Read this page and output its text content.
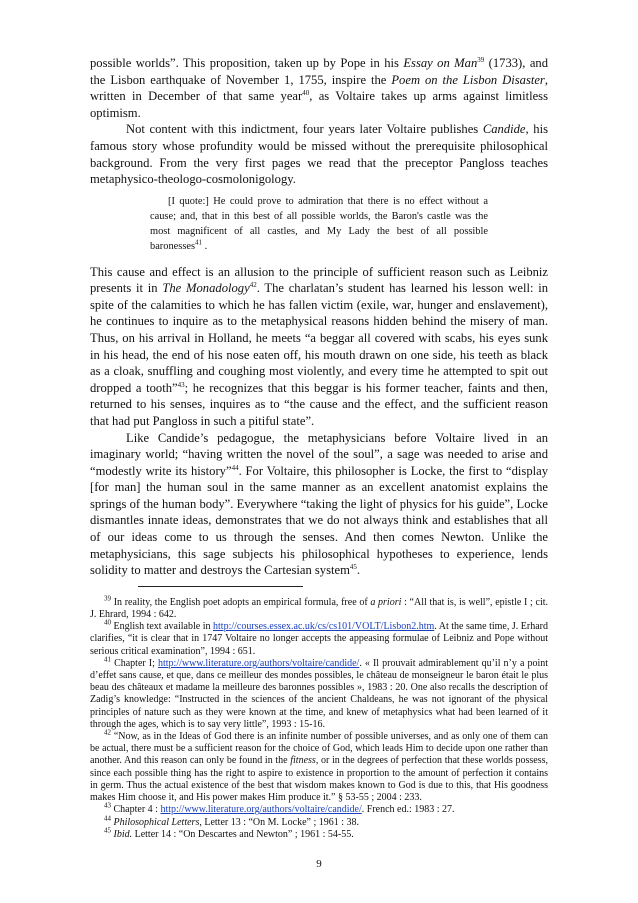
possible worlds”. This proposition, taken up by Pope in his Essay on Man$^{39}$ (1733), and the Lisbon earthquake of November 1, 1755, inspire the Poem on the Lisbon Disaster, written in December of that same year$^{40}$, as Voltaire takes up arms against limitless optimism.

Not content with this indictment, four years later Voltaire publishes Candide, his famous story whose profundity would be missed without the prerequisite philosophical background. From the very first pages we read that the preceptor Pangloss teaches metaphysico-theologo-cosmolonigology.

[I quote:] He could prove to admiration that there is no effect without a cause; and, that in this best of all possible worlds, the Baron's castle was the most magnificent of all castles, and My Lady the best of all possible baronesses$^{41}$ .

This cause and effect is an allusion to the principle of sufficient reason such as Leibniz presents it in The Monadology$^{42}$. The charlatan’s student has learned his lesson well: in spite of the calamities to which he has fallen victim (exile, war, hunger and enslavement), he continues to inquire as to the metaphysical reasons hidden behind the misery of man. Thus, on his arrival in Holland, he meets “a beggar all covered with scabs, his eyes sunk in his head, the end of his nose eaten off, his mouth drawn on one side, his teeth as black as a cloak, snuffling and coughing most violently, and every time he attempted to spit out dropped a tooth”$^{43}$; he recognizes that this beggar is his former teacher, faints and then, returned to his senses, inquires as to “the cause and the effect, and the sufficient reason that had put Pangloss in such a pitiful state”.

Like Candide’s pedagogue, the metaphysicians before Voltaire lived in an imaginary world; “having written the novel of the soul”, a sage was needed to arise and “modestly write its history”$^{44}$. For Voltaire, this philosopher is Locke, the first to “display [for man] the human soul in the same manner as an excellent anatomist explains the springs of the human body”. Everywhere “taking the light of physics for his guide”, Locke dismantles innate ideas, demonstrates that we do not always think and establishes that all of our ideas come to us through the senses. And then comes Newton. Unlike the metaphysicians, this sage subjects his philosophical hypotheses to experience, lends solidity to matter and destroys the Cartesian system$^{45}$.

$^{39}$ In reality, the English poet adopts an empirical formula, free of a priori : “All that is, is well”, epistle I ; cit. J. Ehrard, 1994 : 642.

$^{40}$ English text available in http://courses.essex.ac.uk/cs/cs101/VOLT/Lisbon2.htm. At the same time, J. Erhard clarifies, “it is clear that in 1747 Voltaire no longer accepts the appeasing formulae of Leibniz and Pope without serious critical examination”, 1994 : 651.

$^{41}$ Chapter I; http://www.literature.org/authors/voltaire/candide/. « Il prouvait admirablement qu’il n’y a point d’effet sans cause, et que, dans ce meilleur des mondes possibles, le château de monseigneur le baron était le plus beau des châteaux et madame la meilleure des baronnes possibles », 1983 : 20. One also recalls the description of Zadig’s knowledge: “Instructed in the sciences of the ancient Chaldeans, he was not ignorant of the physical principles of nature such as they were known at the time, and knew of metaphysics what had been learned of it through the ages, which is to say very little”, 1993 : 15-16.

$^{42}$ “Now, as in the Ideas of God there is an infinite number of possible universes, and as only one of them can be actual, there must be a sufficient reason for the choice of God, which leads Him to decide upon one rather than another. And this reason can only be found in the fitness, or in the degrees of perfection that these worlds possess, since each possible thing has the right to aspire to existence in proportion to the amount of perfection it contains in germ. Thus the actual existence of the best that wisdom makes known to God is due to this, that His goodness makes Him choose it, and His power makes Him produce it.” § 53-55 ; 2004 : 233.

$^{43}$ Chapter 4 : http://www.literature.org/authors/voltaire/candide/. French ed.: 1983 : 27.

$^{44}$ Philosophical Letters, Letter 13 : “On M. Locke” ; 1961 : 38.

$^{45}$ Ibid. Letter 14 : “On Descartes and Newton” ; 1961 : 54-55.

9
